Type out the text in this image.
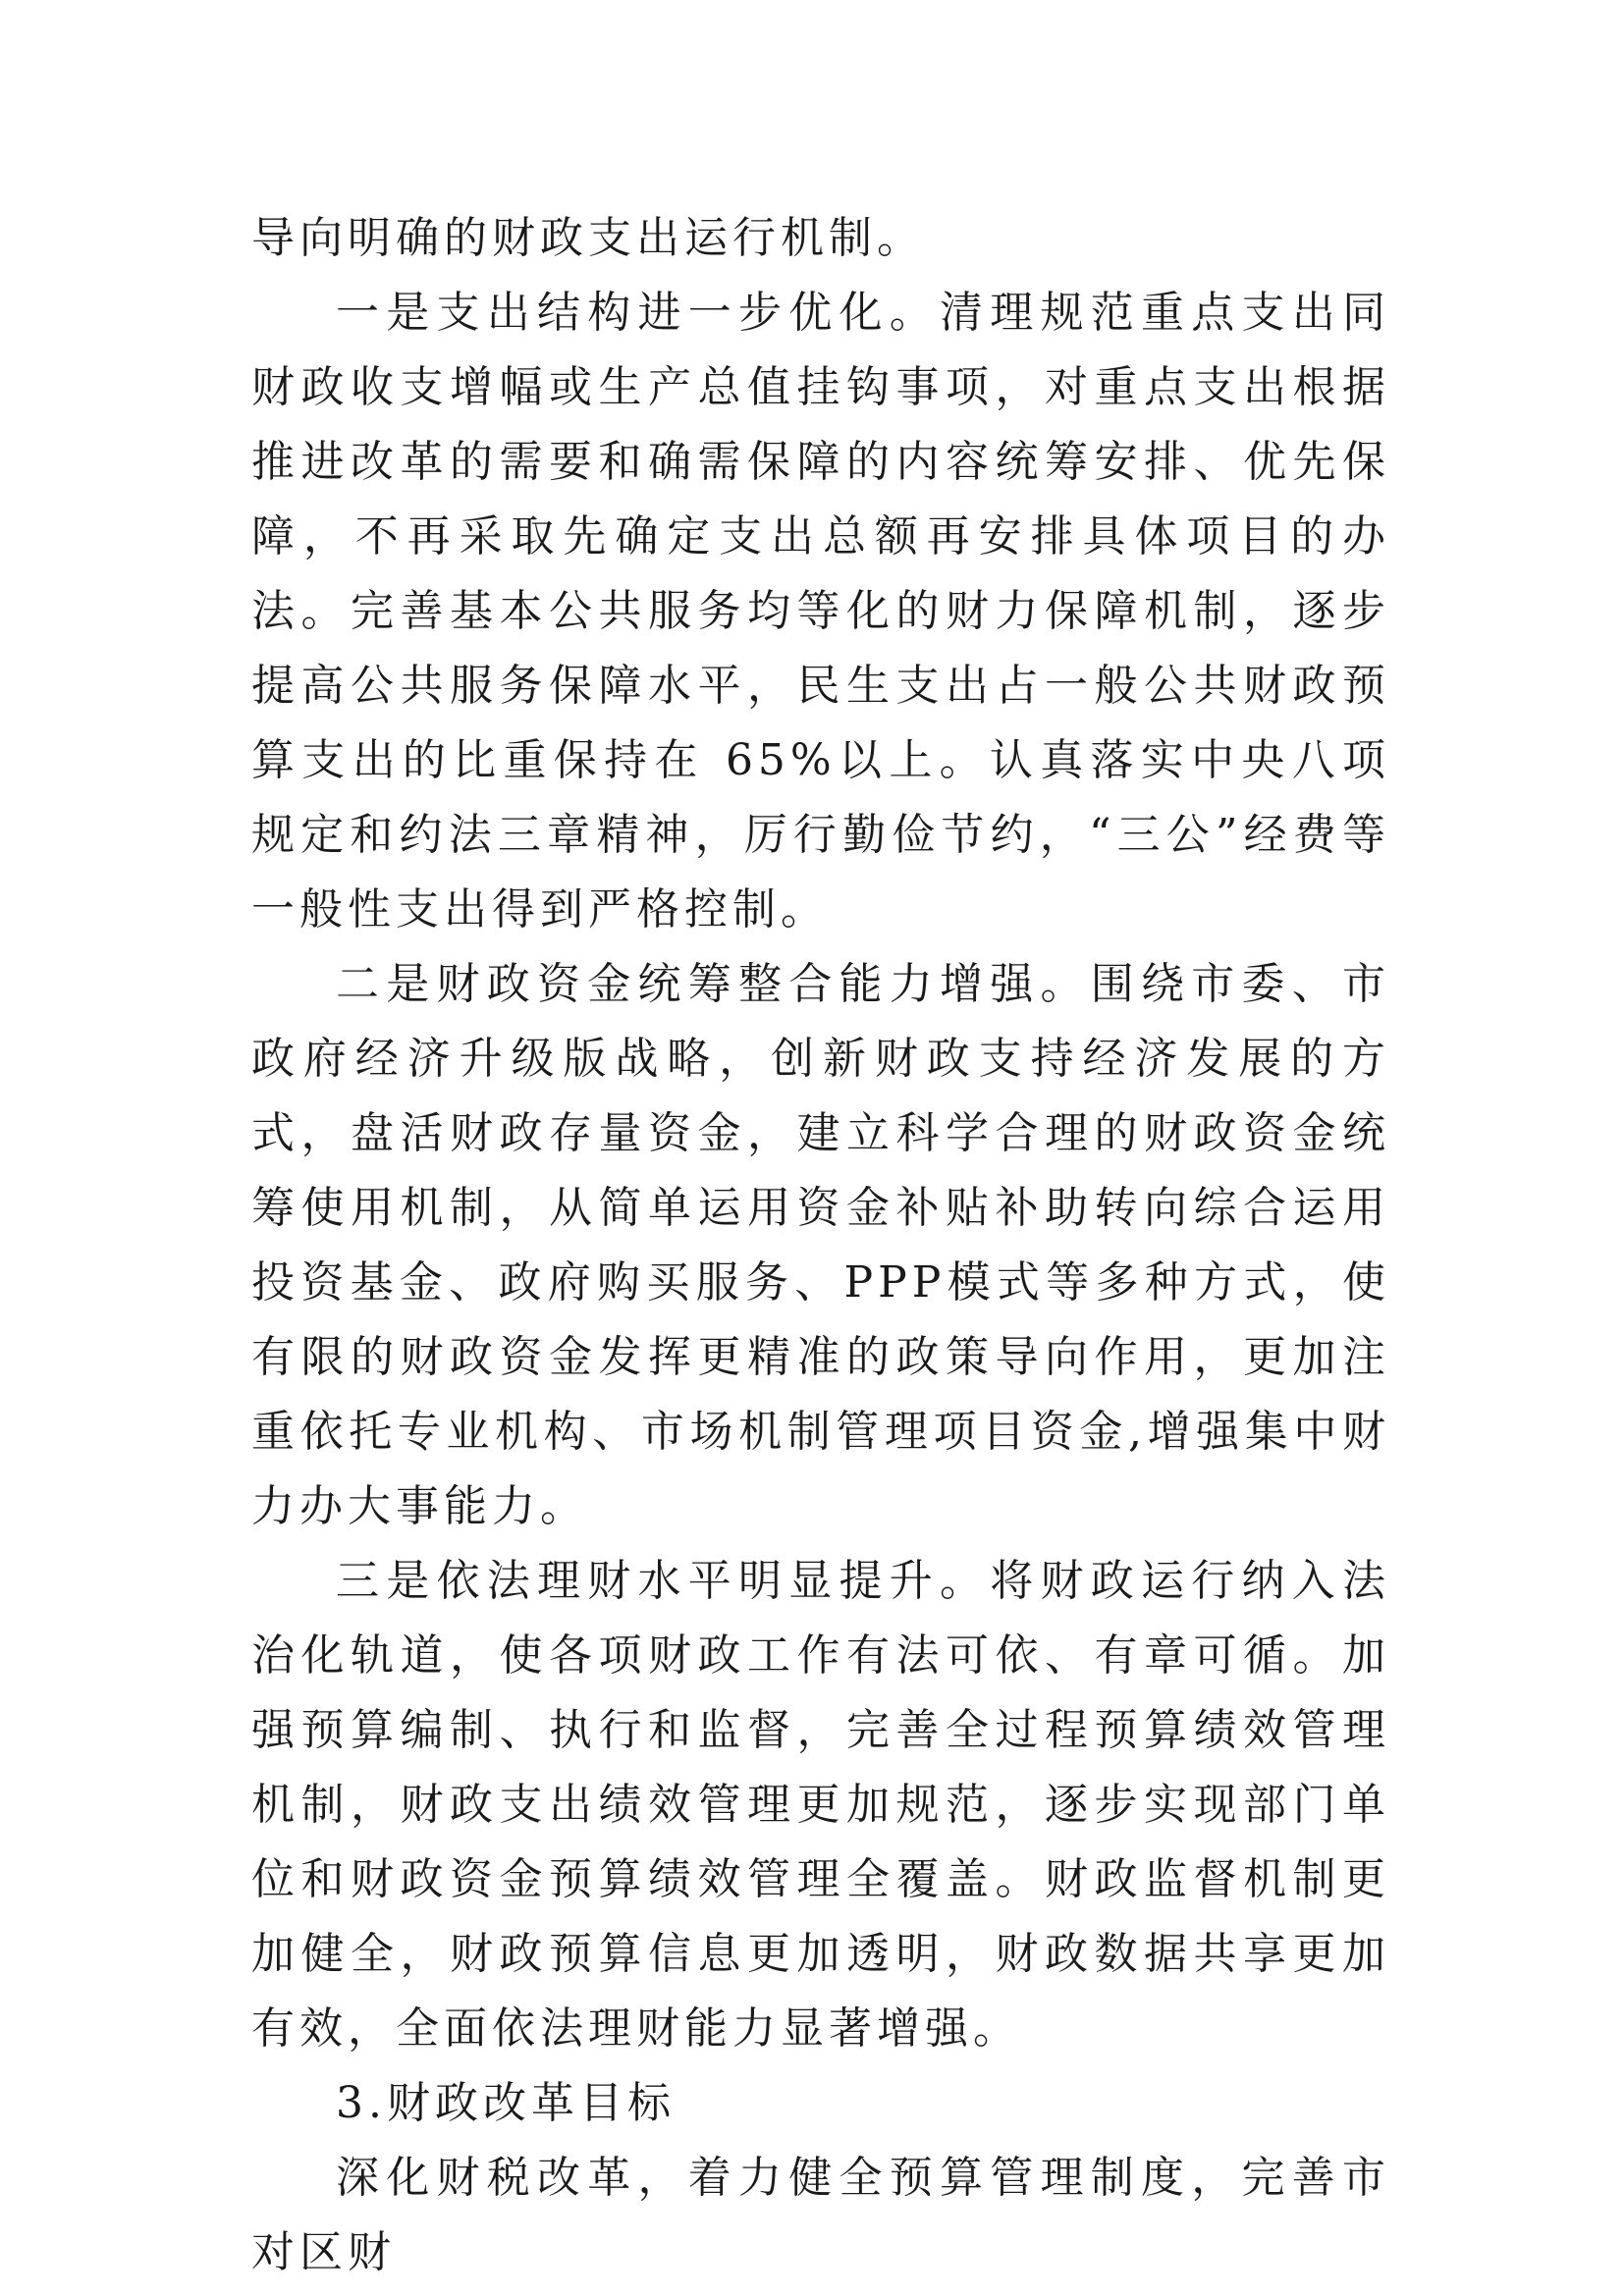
导向明确的财政支出运行机制。

一是支出结构进一步优化。清理规范重点支出同财政收支增幅或生产总值挂钩事项，对重点支出根据推进改革的需要和确需保障的内容统筹安排、优先保障，不再采取先确定支出总额再安排具体项目的办法。完善基本公共服务均等化的财力保障机制，逐步提高公共服务保障水平，民生支出占一般公共财政预算支出的比重保持在 65%以上。认真落实中央八项规定和约法三章精神，厉行勤俭节约，“三公”经费等一般性支出得到严格控制。

二是财政资金统筹整合能力增强。围绕市委、市政府经济升级版战略，创新财政支持经济发展的方式，盘活财政存量资金，建立科学合理的财政资金统筹使用机制，从简单运用资金补贴补助转向综合运用投资基金、政府购买服务、PPP模式等多种方式，使有限的财政资金发挥更精准的政策导向作用，更加注重依托专业机构、市场机制管理项目资金,增强集中财力办大事能力。

三是依法理财水平明显提升。将财政运行纳入法治化轨道，使各项财政工作有法可依、有章可循。加强预算编制、执行和监督，完善全过程预算绩效管理机制，财政支出绩效管理更加规范，逐步实现部门单位和财政资金预算绩效管理全覆盖。财政监督机制更加健全，财政预算信息更加透明，财政数据共享更加有效，全面依法理财能力显著增强。

3.财政改革目标

深化财税改革，着力健全预算管理制度，完善市对区财
